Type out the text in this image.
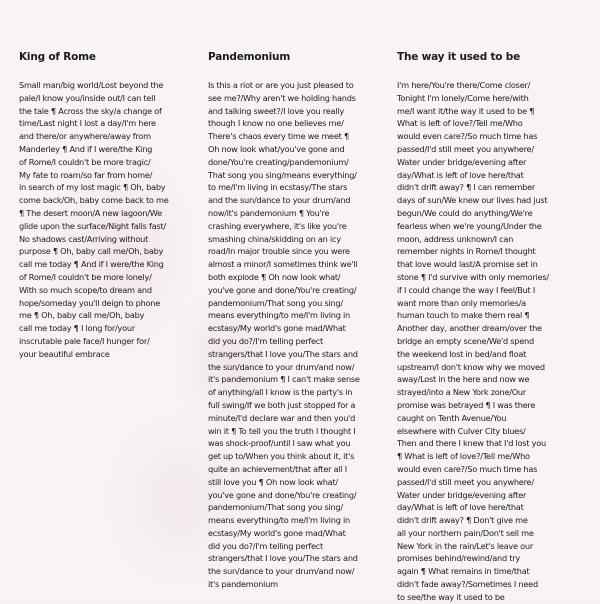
King of Rome
Small man/big world/Lost beyond the
pale/I know you/inside out/I can tell
the tale ¶ Across the sky/a change of
time/Last night I lost a day/I'm here
and there/or anywhere/away from
Manderley ¶ And if I were/the King
of Rome/I couldn't be more tragic/
My fate to roam/so far from home/
in search of my lost magic ¶ Oh, baby
come back/Oh, baby come back to me
¶ The desert moon/A new lagoon/We
glide upon the surface/Night falls fast/
No shadows cast/Arriving without
purpose ¶ Oh, baby call me/Oh, baby
call me today ¶ And if I were/the King
of Rome/I couldn't be more lonely/
With so much scope/to dream and
hope/someday you'll deign to phone
me ¶ Oh, baby call me/Oh, baby
call me today ¶ I long for/your
inscrutable pale face/I hunger for/
your beautiful embrace
Pandemonium
Is this a riot or are you just pleased to
see me?/Why aren't we holding hands
and talking sweet?/I love you really
though I know no one believes me/
There's chaos every time we meet ¶
Oh now look what/you've gone and
done/You're creating/pandemonium/
That song you sing/means everything/
to me/I'm living in ecstasy/The stars
and the sun/dance to your drum/and
now/it's pandemonium ¶ You're
crashing everywhere, it's like you're
smashing china/skidding on an icy
road/In major trouble since you were
almost a minor/I sometimes think we'll
both explode ¶ Oh now look what/
you've gone and done/You're creating/
pandemonium/That song you sing/
means everything/to me/I'm living in
ecstasy/My world's gone mad/What
did you do?/I'm telling perfect
strangers/that I love you/The stars and
the sun/dance to your drum/and now/
it's pandemonium ¶ I can't make sense
of anything/all I know is the party's in
full swing/If we both just stopped for a
minute/I'd declare war and then you'd
win it ¶ To tell you the truth I thought I
was shock-proof/until I saw what you
get up to/When you think about it, it's
quite an achievement/that after all I
still love you ¶ Oh now look what/
you've gone and done/You're creating/
pandemonium/That song you sing/
means everything/to me/I'm living in
ecstasy/My world's gone mad/What
did you do?/I'm telling perfect
strangers/that I love you/The stars and
the sun/dance to your drum/and now/
it's pandemonium
The way it used to be
I'm here/You're there/Come closer/
Tonight I'm lonely/Come here/with
me/I want it/the way it used to be ¶
What is left of love?/Tell me/Who
would even care?/So much time has
passed/I'd still meet you anywhere/
Water under bridge/evening after
day/What is left of love here/that
didn't drift away? ¶ I can remember
days of sun/We knew our lives had just
begun/We could do anything/We're
fearless when we're young/Under the
moon, address unknown/I can
remember nights in Rome/I thought
that love would last/A promise set in
stone ¶ I'd survive with only memories/
if I could change the way I feel/But I
want more than only memories/a
human touch to make them real ¶
Another day, another dream/over the
bridge an empty scene/We'd spend
the weekend lost in bed/and float
upstream/I don't know why we moved
away/Lost in the here and now we
strayed/into a New York zone/Our
promise was betrayed ¶ I was there
caught on Tenth Avenue/You
elsewhere with Culver City blues/
Then and there I knew that I'd lost you
¶ What is left of love?/Tell me/Who
would even care?/So much time has
passed/I'd still meet you anywhere/
Water under bridge/evening after
day/What is left of love here/that
didn't drift away? ¶ Don't give me
all your northern pain/Don't sell me
New York in the rain/Let's leave our
promises behind/rewind/and try
again ¶ What remains in time/that
didn't fade away?/Sometimes I need
to see/the way it used to be
